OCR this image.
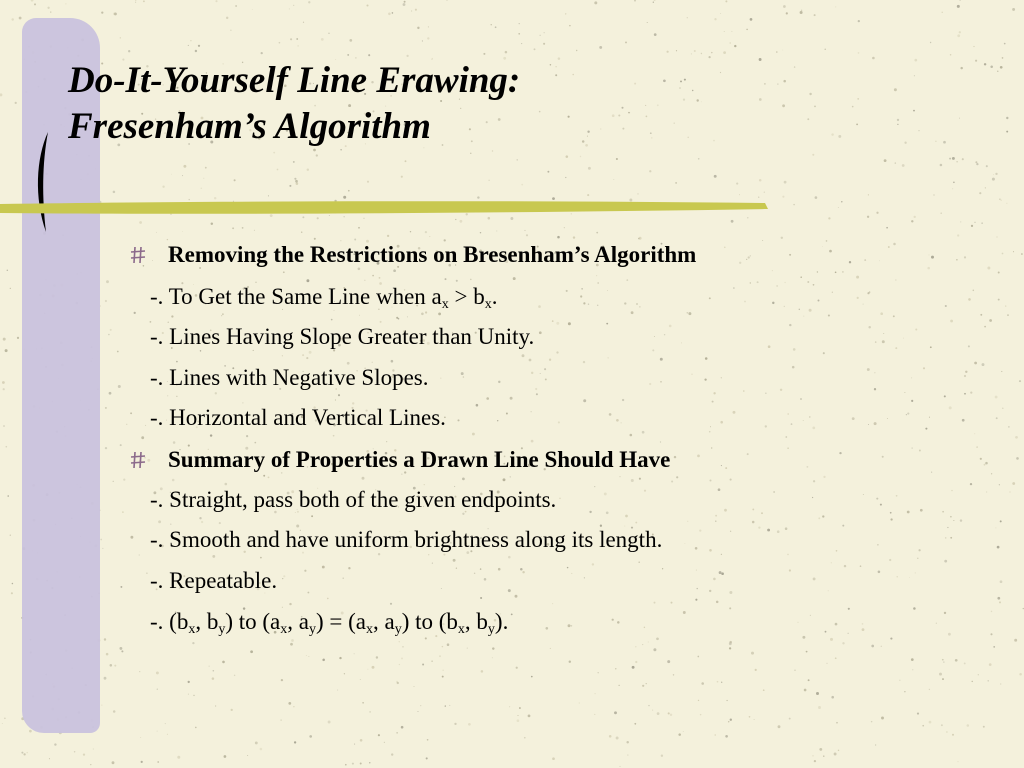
Do-It-Yourself Line Erawing:
Fresenham’s Algorithm
Removing the Restrictions on Bresenham’s Algorithm
-. To Get the Same Line when $a_x > b_x$.
-. Lines Having Slope Greater than Unity.
-. Lines with Negative Slopes.
-. Horizontal and Vertical Lines.
Summary of Properties a Drawn Line Should Have
-. Straight, pass both of the given endpoints.
-. Smooth and have uniform brightness along its length.
-. Repeatable.
-. ($b_x$, $b_y$) to ($a_x$, $a_y) = (a_x$, $a_y$) to ($b_x$, $b_y$).
